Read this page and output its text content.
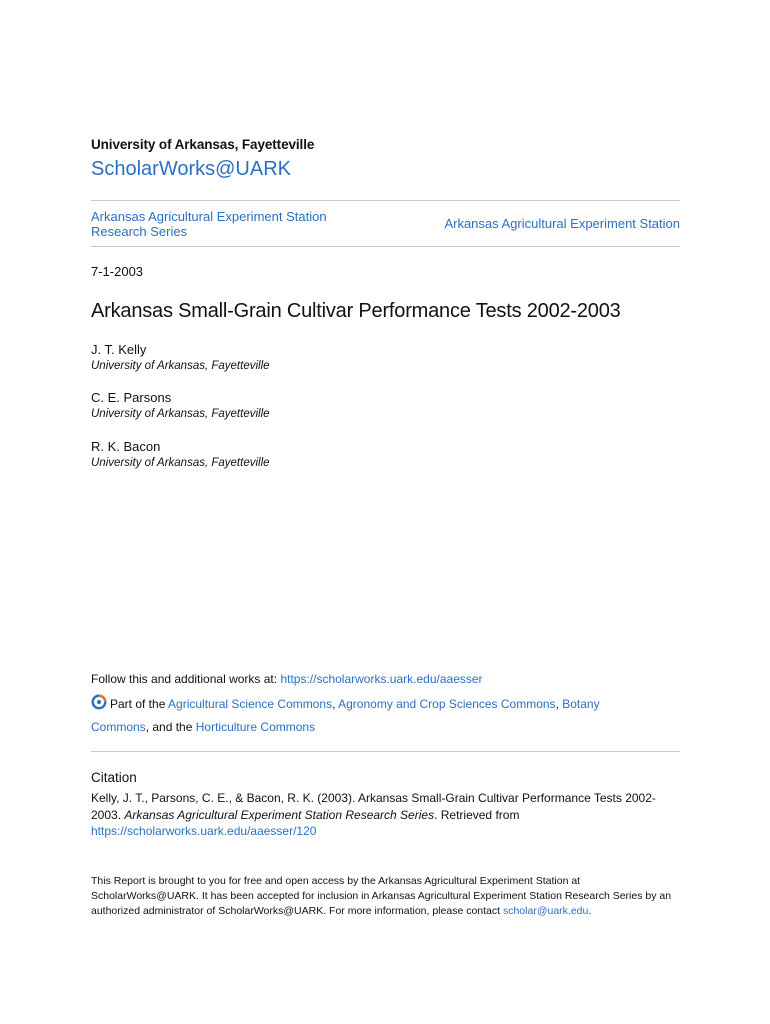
University of Arkansas, Fayetteville
ScholarWorks@UARK
Arkansas Agricultural Experiment Station Research Series
Arkansas Agricultural Experiment Station
7-1-2003
Arkansas Small-Grain Cultivar Performance Tests 2002-2003
J. T. Kelly
University of Arkansas, Fayetteville
C. E. Parsons
University of Arkansas, Fayetteville
R. K. Bacon
University of Arkansas, Fayetteville
Follow this and additional works at: https://scholarworks.uark.edu/aaesser
Part of the Agricultural Science Commons, Agronomy and Crop Sciences Commons, Botany Commons, and the Horticulture Commons
Citation
Kelly, J. T., Parsons, C. E., & Bacon, R. K. (2003). Arkansas Small-Grain Cultivar Performance Tests 2002-2003. Arkansas Agricultural Experiment Station Research Series. Retrieved from
https://scholarworks.uark.edu/aaesser/120
This Report is brought to you for free and open access by the Arkansas Agricultural Experiment Station at ScholarWorks@UARK. It has been accepted for inclusion in Arkansas Agricultural Experiment Station Research Series by an authorized administrator of ScholarWorks@UARK. For more information, please contact scholar@uark.edu.
